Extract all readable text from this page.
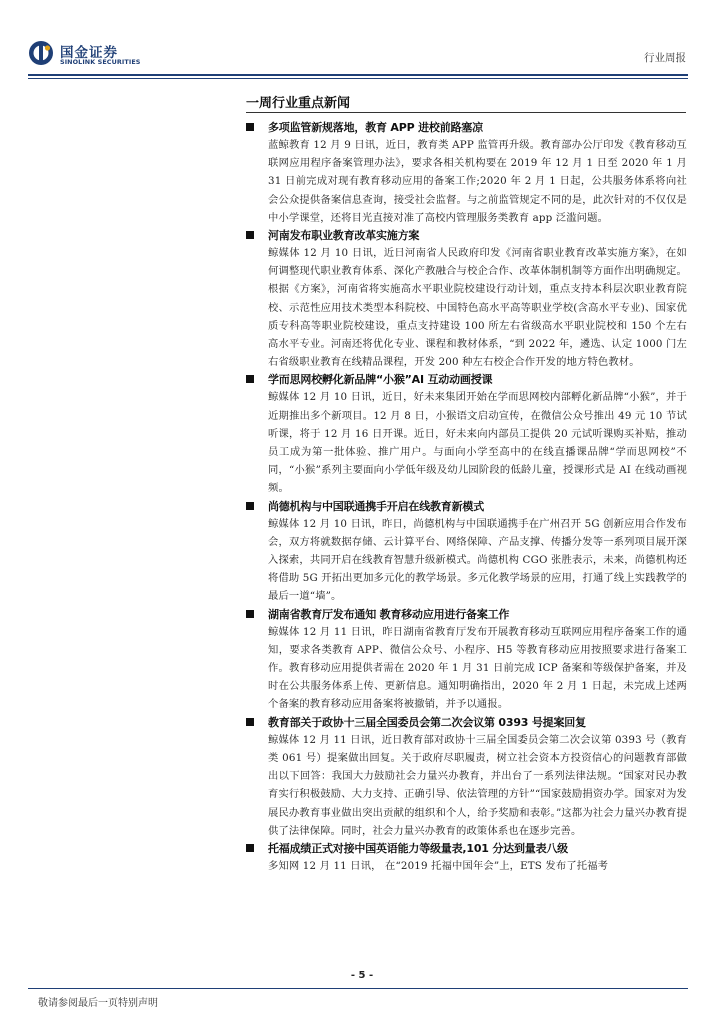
国金证券
SINOLINK SECURITIES	行业周报
一周行业重点新闻
多项监管新规落地，教育 APP 进校前路塞凉

蓝鲸教育 12 月 9 日讯，近日，教育类 APP 监管再升级。教育部办公厅印发《教育移动互联网应用程序备案管理办法》，要求各相关机构要在 2019 年 12 月 1 日至 2020 年 1 月 31 日前完成对现有教育移动应用的备案工作;2020 年 2 月 1 日起，公共服务体系将向社会公众提供备案信息查询，接受社会监督。与之前监管规定不同的是，此次针对的不仅仅是中小学课堂，还将目光直接对准了高校内管理服务类教育 app 泛滥问题。

河南发布职业教育改革实施方案

鲸媒体 12 月 10 日讯，近日河南省人民政府印发《河南省职业教育改革实施方案》，在如何调整现代职业教育体系、深化产教融合与校企合作、改革体制机制等方面作出明确规定。根据《方案》，河南省将实施高水平职业院校建设行动计划，重点支持本科层次职业教育院校、示范性应用技术类型本科院校、中国特色高水平高等职业学校(含高水平专业)、国家优质专科高等职业院校建设，重点支持建设 100 所左右省级高水平职业院校和 150 个左右高水平专业。河南还将优化专业、课程和教材体系，“到 2022 年，遴选、认定 1000 门左右省级职业教育在线精品课程，开发 200 种左右校企合作开发的地方特色教材。

学而思网校孵化新品牌“小猴”AI 互动动画授课

鲸媒体 12 月 10 日讯，近日，好未来集团开始在学而思网校内部孵化新品牌“小猴”，并于近期推出多个新项目。12 月 8 日，小猴语文启动宣传，在微信公众号推出 49 元 10 节试听课，将于 12 月 16 日开课。近日，好未来向内部员工提供 20 元试听课购买补贴，推动员工成为第一批体验、推广用户。与面向小学至高中的在线直播课品牌“学而思网校”不同，“小猴”系列主要面向小学低年级及幼儿园阶段的低龄儿童，授课形式是 AI 在线动画视频。

尚德机构与中国联通携手开启在线教育新模式

鲸媒体 12 月 10 日讯，昨日，尚德机构与中国联通携手在广州召开 5G 创新应用合作发布会，双方将就数据存储、云计算平台、网络保障、产品支撑、传播分发等一系列项目展开深入探索，共同开启在线教育智慧升级新模式。尚德机构 CGO 张胜表示，未来，尚德机构还将借助 5G 开拓出更加多元化的教学场景。多元化教学场景的应用，打通了线上实践教学的最后一道“墙”。

湖南省教育厅发布通知 教育移动应用进行备案工作

鲸媒体 12 月 11 日讯，昨日湖南省教育厅发布开展教育移动互联网应用程序备案工作的通知，要求各类教育 APP、微信公众号、小程序、H5 等教育移动应用按照要求进行备案工作。教育移动应用提供者需在 2020 年 1 月 31 日前完成 ICP 备案和等级保护备案，并及时在公共服务体系上传、更新信息。通知明确指出，2020 年 2 月 1 日起，未完成上述两个备案的教育移动应用备案将被撤销，并予以通报。

教育部关于政协十三届全国委员会第二次会议第 0393 号提案回复

鲸媒体 12 月 11 日讯，近日教育部对政协十三届全国委员会第二次会议第 0393 号（教育类 061 号）提案做出回复。关于政府尽职履责，树立社会资本方投资信心的问题教育部做出以下回答：我国大力鼓励社会力量兴办教育，并出台了一系列法律法规。“国家对民办教育实行积极鼓励、大力支持、正确引导、依法管理的方针”“国家鼓励捐资办学。国家对为发展民办教育事业做出突出贡献的组织和个人，给予奖励和表彰。”这都为社会力量兴办教育提供了法律保障。同时，社会力量兴办教育的政策体系也在逐步完善。

托福成绩正式对接中国英语能力等级量表,101 分达到量表八级

多知网 12 月 11 日讯， 在“2019 托福中国年会”上，ETS 发布了托福考

- 5 -
敬请参阅最后一页特别声明
